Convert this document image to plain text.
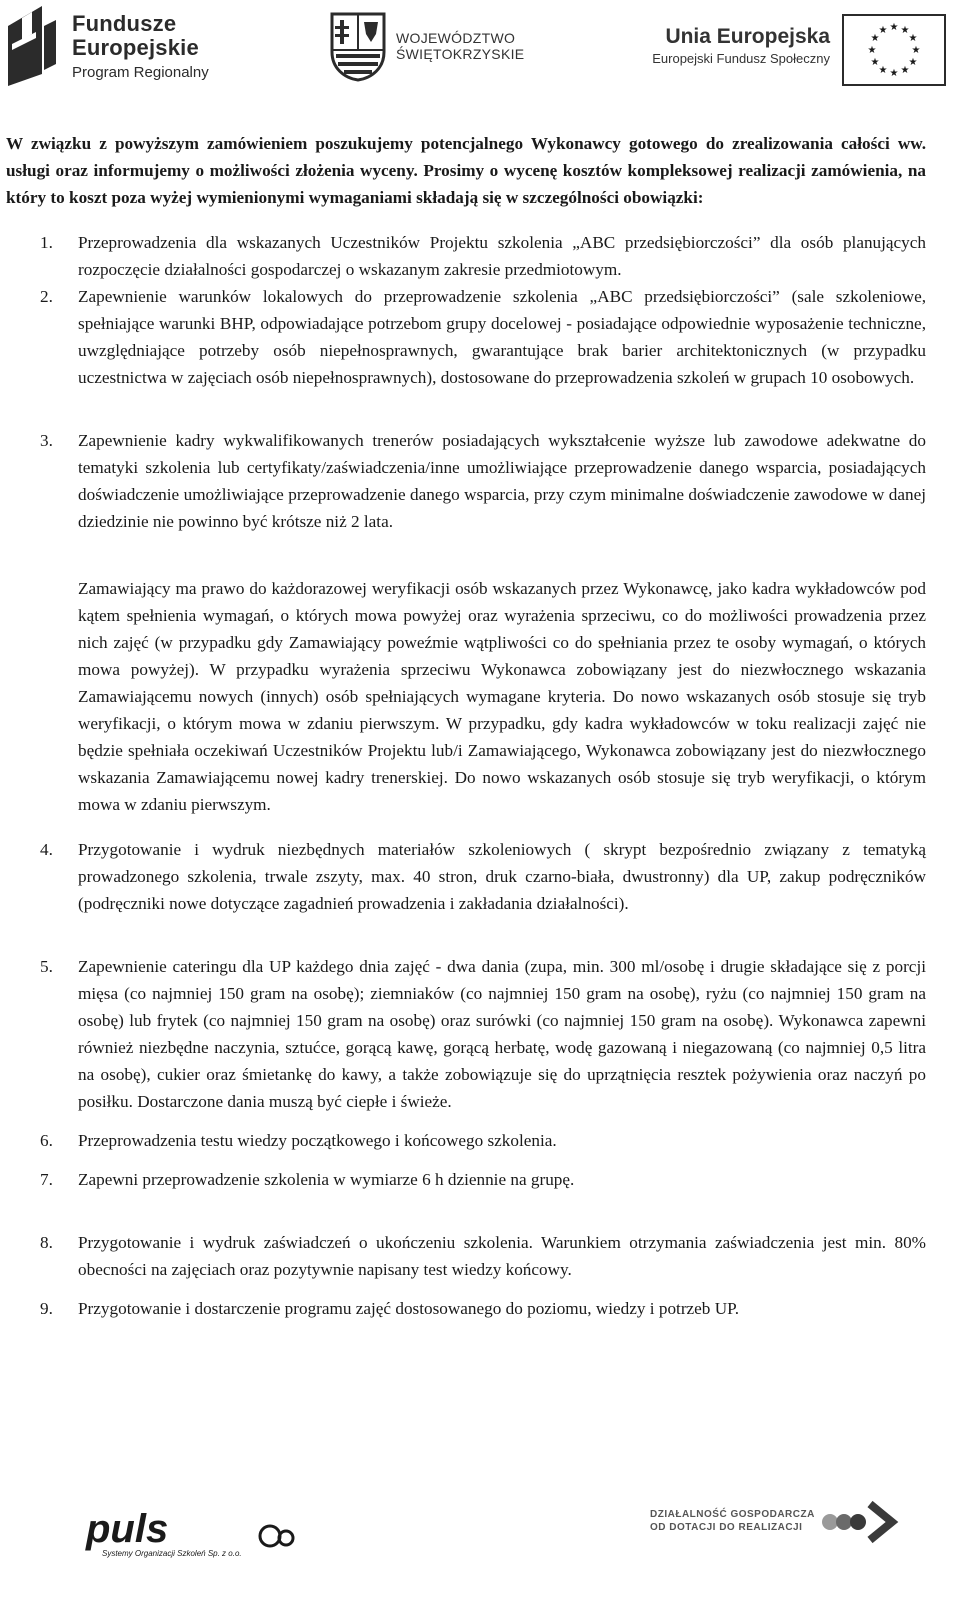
Fundusze
Europejskie
Program Regionalny
WOJEWÓDZTWO
ŚWIĘTOKRZYSKIE
Unia Europejska
Europejski Fundusz Społeczny
★ ★
★
★
★
★
★
★
★
★
★
★

W związku z powyższym zamówieniem poszukujemy potencjalnego Wykonawcy gotowego do zrealizowania całości ww. usługi oraz informujemy o możliwości złożenia wyceny. Prosimy o wycenę kosztów kompleksowej realizacji zamówienia, na który to koszt poza wyżej wymienionymi wymaganiami składają się w szczególności obowiązki:

1. Przeprowadzenia dla wskazanych Uczestników Projektu szkolenia „ABC przedsiębiorczości” dla osób planujących rozpoczęcie działalności gospodarczej o wskazanym zakresie przedmiotowym.

2. Zapewnienie warunków lokalowych do przeprowadzenie szkolenia „ABC przedsiębiorczości” (sale szkoleniowe, spełniające warunki BHP, odpowiadające potrzebom grupy docelowej - posiadające odpowiednie wyposażenie techniczne, uwzględniające potrzeby osób niepełnosprawnych, gwarantujące brak barier architektonicznych (w przypadku uczestnictwa w zajęciach osób niepełnosprawnych), dostosowane do przeprowadzenia szkoleń w grupach 10 osobowych.

3. Zapewnienie kadry wykwalifikowanych trenerów posiadających wykształcenie wyższe lub zawodowe adekwatne do tematyki szkolenia lub certyfikaty/zaświadczenia/inne umożliwiające przeprowadzenie danego wsparcia, posiadających doświadczenie umożliwiające przeprowadzenie danego wsparcia, przy czym minimalne doświadczenie zawodowe w danej dziedzinie nie powinno być krótsze niż 2 lata.

Zamawiający ma prawo do każdorazowej weryfikacji osób wskazanych przez Wykonawcę, jako kadra wykładowców pod kątem spełnienia wymagań, o których mowa powyżej oraz wyrażenia sprzeciwu, co do możliwości prowadzenia przez nich zajęć (w przypadku gdy Zamawiający poweźmie wątpliwości co do spełniania przez te osoby wymagań, o których mowa powyżej). W przypadku wyrażenia sprzeciwu Wykonawca zobowiązany jest do niezwłocznego wskazania Zamawiającemu nowych (innych) osób spełniających wymagane kryteria. Do nowo wskazanych osób stosuje się tryb weryfikacji, o którym mowa w zdaniu pierwszym. W przypadku, gdy kadra wykładowców w toku realizacji zajęć nie będzie spełniała oczekiwań Uczestników Projektu lub/i Zamawiającego, Wykonawca zobowiązany jest do niezwłocznego wskazania Zamawiającemu nowej kadry trenerskiej. Do nowo wskazanych osób stosuje się tryb weryfikacji, o którym mowa w zdaniu pierwszym.

4. Przygotowanie i wydruk niezbędnych materiałów szkoleniowych ( skrypt bezpośrednio związany z tematyką prowadzonego szkolenia, trwale zszyty, max. 40 stron, druk czarno-biała, dwustronny) dla UP, zakup podręczników (podręczniki nowe dotyczące zagadnień prowadzenia i zakładania działalności).

5. Zapewnienie cateringu dla UP każdego dnia zajęć - dwa dania (zupa, min. 300 ml/osobę i drugie składające się z porcji mięsa (co najmniej 150 gram na osobę); ziemniaków (co najmniej 150 gram na osobę), ryżu (co najmniej 150 gram na osobę) lub frytek (co najmniej 150 gram na osobę) oraz surówki (co najmniej 150 gram na osobę). Wykonawca zapewni również niezbędne naczynia, sztućce, gorącą kawę, gorącą herbatę, wodę gazowaną i niegazowaną (co najmniej 0,5 litra na osobę), cukier oraz śmietankę do kawy, a także zobowiązuje się do uprzątnięcia resztek pożywienia oraz naczyń po posiłku. Dostarczone dania muszą być ciepłe i świeże.

6. Przeprowadzenia testu wiedzy początkowego i końcowego szkolenia.

7. Zapewni przeprowadzenie szkolenia w wymiarze 6 h dziennie na grupę.

8. Przygotowanie i wydruk zaświadczeń o ukończeniu szkolenia. Warunkiem otrzymania zaświadczenia jest min. 80% obecności na zajęciach oraz pozytywnie napisany test wiedzy końcowy.

9. Przygotowanie i dostarczenie programu zajęć dostosowanego do poziomu, wiedzy i potrzeb UP.

puls
Systemy Organizacji Szkoleń Sp. z o.o.
DZIAŁALNOŚĆ GOSPODARCZA
OD DOTACJI DO REALIZACJI
